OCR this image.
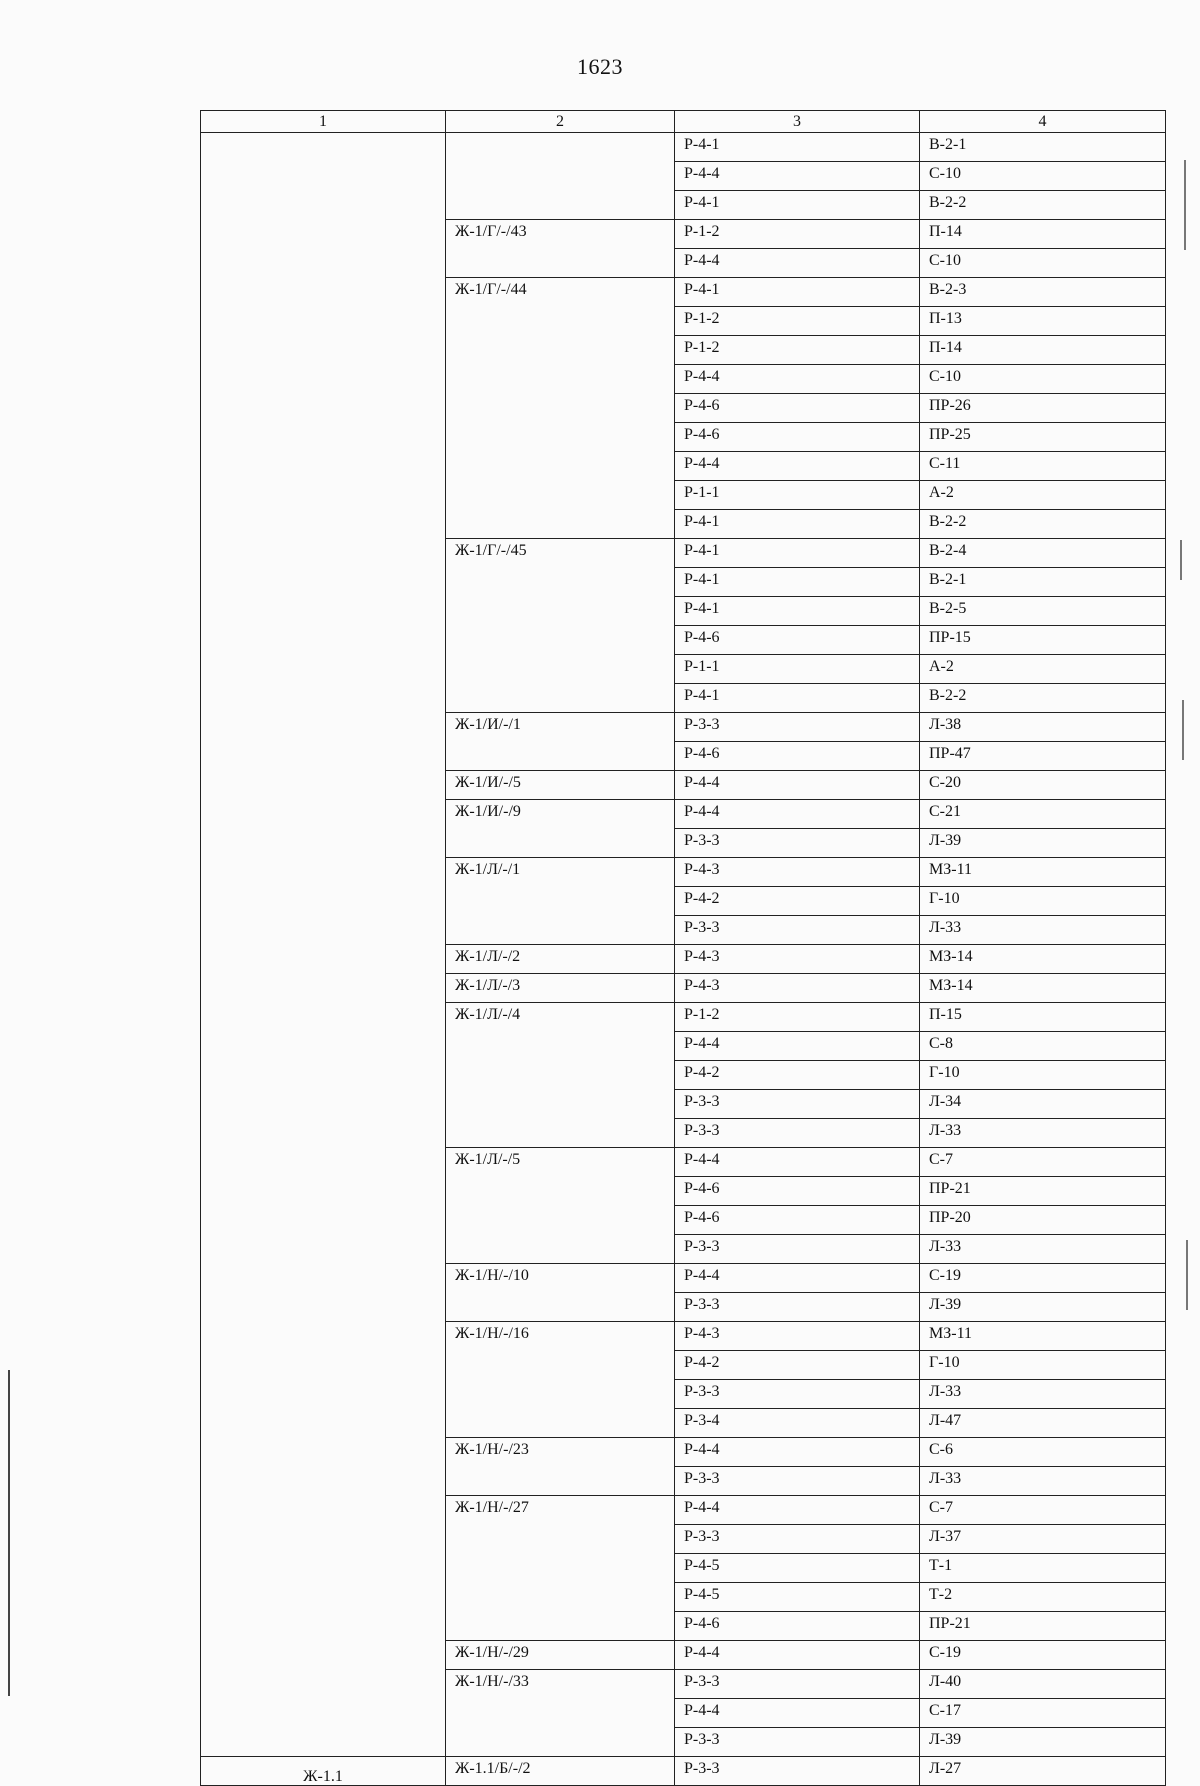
1623
1	2	3	4
		Р-4-1	В-2-1
		Р-4-4	С-10
		Р-4-1	В-2-2
	Ж-1/Г/-/43	Р-1-2	П-14
		Р-4-4	С-10
	Ж-1/Г/-/44	Р-4-1	В-2-3
		Р-1-2	П-13
		Р-1-2	П-14
		Р-4-4	С-10
		Р-4-6	ПР-26
		Р-4-6	ПР-25
		Р-4-4	С-11
		Р-1-1	А-2
		Р-4-1	В-2-2
	Ж-1/Г/-/45	Р-4-1	В-2-4
		Р-4-1	В-2-1
		Р-4-1	В-2-5
		Р-4-6	ПР-15
		Р-1-1	А-2
		Р-4-1	В-2-2
	Ж-1/И/-/1	Р-3-3	Л-38
		Р-4-6	ПР-47
	Ж-1/И/-/5	Р-4-4	С-20
	Ж-1/И/-/9	Р-4-4	С-21
		Р-3-3	Л-39
	Ж-1/Л/-/1	Р-4-3	МЗ-11
		Р-4-2	Г-10
		Р-3-3	Л-33
	Ж-1/Л/-/2	Р-4-3	МЗ-14
	Ж-1/Л/-/3	Р-4-3	МЗ-14
	Ж-1/Л/-/4	Р-1-2	П-15
		Р-4-4	С-8
		Р-4-2	Г-10
		Р-3-3	Л-34
		Р-3-3	Л-33
	Ж-1/Л/-/5	Р-4-4	С-7
		Р-4-6	ПР-21
		Р-4-6	ПР-20
		Р-3-3	Л-33
	Ж-1/Н/-/10	Р-4-4	С-19
		Р-3-3	Л-39
	Ж-1/Н/-/16	Р-4-3	МЗ-11
		Р-4-2	Г-10
		Р-3-3	Л-33
		Р-3-4	Л-47
	Ж-1/Н/-/23	Р-4-4	С-6
		Р-3-3	Л-33
	Ж-1/Н/-/27	Р-4-4	С-7
		Р-3-3	Л-37
		Р-4-5	Т-1
		Р-4-5	Т-2
		Р-4-6	ПР-21
	Ж-1/Н/-/29	Р-4-4	С-19
	Ж-1/Н/-/33	Р-3-3	Л-40
		Р-4-4	С-17
		Р-3-3	Л-39
Ж-1.1	Ж-1.1/Б/-/2	Р-3-3	Л-27
